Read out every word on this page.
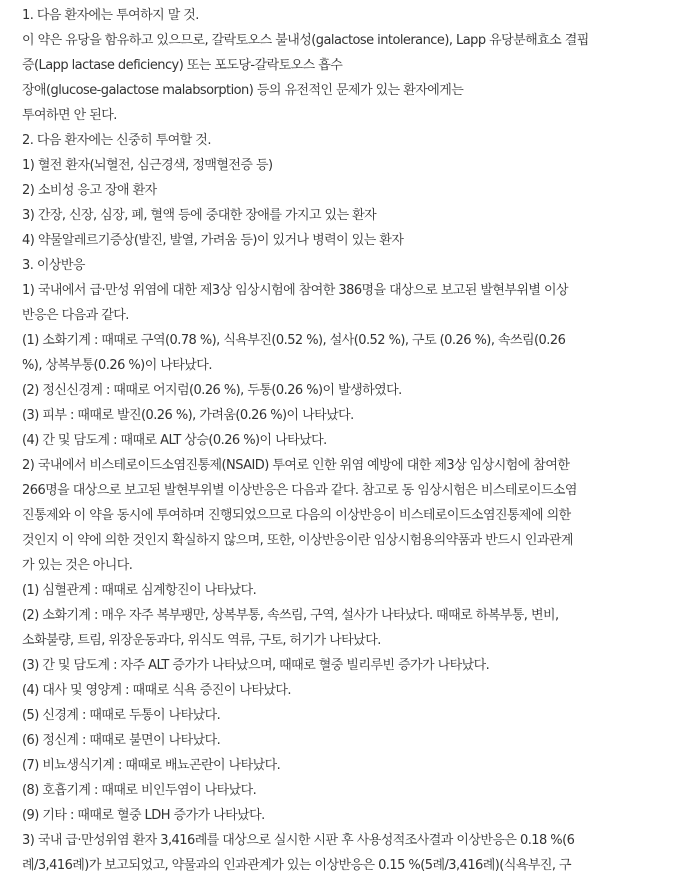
1. 다음 환자에는 투여하지 말 것.
이 약은 유당을 함유하고 있으므로, 갈락토오스 불내성(galactose intolerance), Lapp 유당분해효소 결핍
증(Lapp lactase deficiency) 또는 포도당-갈락토오스 흡수
장애(glucose-galactose malabsorption) 등의 유전적인 문제가 있는 환자에게는
투여하면 안 된다.
2. 다음 환자에는 신중히 투여할 것.
1) 혈전 환자(뇌혈전, 심근경색, 정맥혈전증 등)
2) 소비성 응고 장애 환자
3) 간장, 신장, 심장, 폐, 혈액 등에 중대한 장애를 가지고 있는 환자
4) 약물알레르기증상(발진, 발열, 가려움 등)이 있거나 병력이 있는 환자
3. 이상반응
1) 국내에서 급·만성 위염에 대한 제3상 임상시험에 참여한 386명을 대상으로 보고된 발현부위별 이상
반응은 다음과 같다.
(1) 소화기계 : 때때로 구역(0.78 %), 식욕부진(0.52 %), 설사(0.52 %), 구토 (0.26 %), 속쓰림(0.26
%), 상복부통(0.26 %)이 나타났다.
(2) 정신신경계 : 때때로 어지럼(0.26 %), 두통(0.26 %)이 발생하였다.
(3) 피부 : 때때로 발진(0.26 %), 가려움(0.26 %)이 나타났다.
(4) 간 및 담도계 : 때때로 ALT 상승(0.26 %)이 나타났다.
2) 국내에서 비스테로이드소염진통제(NSAID) 투여로 인한 위염 예방에 대한 제3상 임상시험에 참여한
266명을 대상으로 보고된 발현부위별 이상반응은 다음과 같다. 참고로 동 임상시험은 비스테로이드소염
진통제와 이 약을 동시에 투여하며 진행되었으므로 다음의 이상반응이 비스테로이드소염진통제에 의한
것인지 이 약에 의한 것인지 확실하지 않으며, 또한, 이상반응이란 임상시험용의약품과 반드시 인과관계
가 있는 것은 아니다.
(1) 심혈관계 : 때때로 심계항진이 나타났다.
(2) 소화기계 : 매우 자주 복부팽만, 상복부통, 속쓰림, 구역, 설사가 나타났다. 때때로 하복부통, 변비,
소화불량, 트림, 위장운동과다, 위식도 역류, 구토, 허기가 나타났다.
(3) 간 및 담도계 : 자주 ALT 증가가 나타났으며, 때때로 혈중 빌리루빈 증가가 나타났다.
(4) 대사 및 영양계 : 때때로 식욕 증진이 나타났다.
(5) 신경계 : 때때로 두통이 나타났다.
(6) 정신계 : 때때로 불면이 나타났다.
(7) 비뇨생식기계 : 때때로 배뇨곤란이 나타났다.
(8) 호흡기계 : 때때로 비인두염이 나타났다.
(9) 기타 : 때때로 혈중 LDH 증가가 나타났다.
3) 국내 급·만성위염 환자 3,416례를 대상으로 실시한 시판 후 사용성적조사결과 이상반응은 0.18 %(6
례/3,416례)가 보고되었고, 약물과의 인과관계가 있는 이상반응은 0.15 %(5례/3,416례)(식욕부진, 구
